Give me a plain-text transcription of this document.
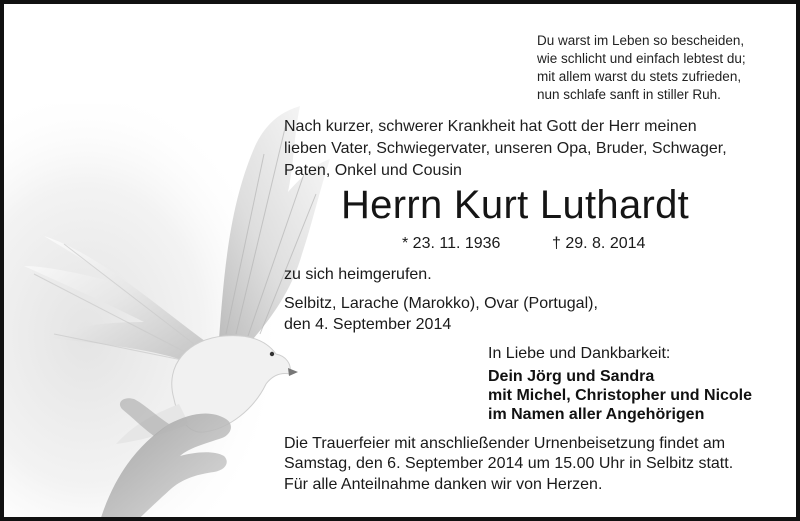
Du warst im Leben so bescheiden,
wie schlicht und einfach lebtest du;
mit allem warst du stets zufrieden,
nun schlafe sanft in stiller Ruh.
Nach kurzer, schwerer Krankheit hat Gott der Herr meinen
lieben Vater, Schwiegervater, unseren Opa, Bruder, Schwager,
Paten, Onkel und Cousin
Herrn Kurt Luthardt
* 23. 11. 1936	† 29. 8. 2014
zu sich heimgerufen.
Selbitz, Larache (Marokko), Ovar (Portugal),
den 4. September 2014
In Liebe und Dankbarkeit:
Dein Jörg und Sandra
mit Michel, Christopher und Nicole
im Namen aller Angehörigen
Die Trauerfeier mit anschließender Urnenbeisetzung findet am
Samstag, den 6. September 2014 um 15.00 Uhr in Selbitz statt.
Für alle Anteilnahme danken wir von Herzen.
